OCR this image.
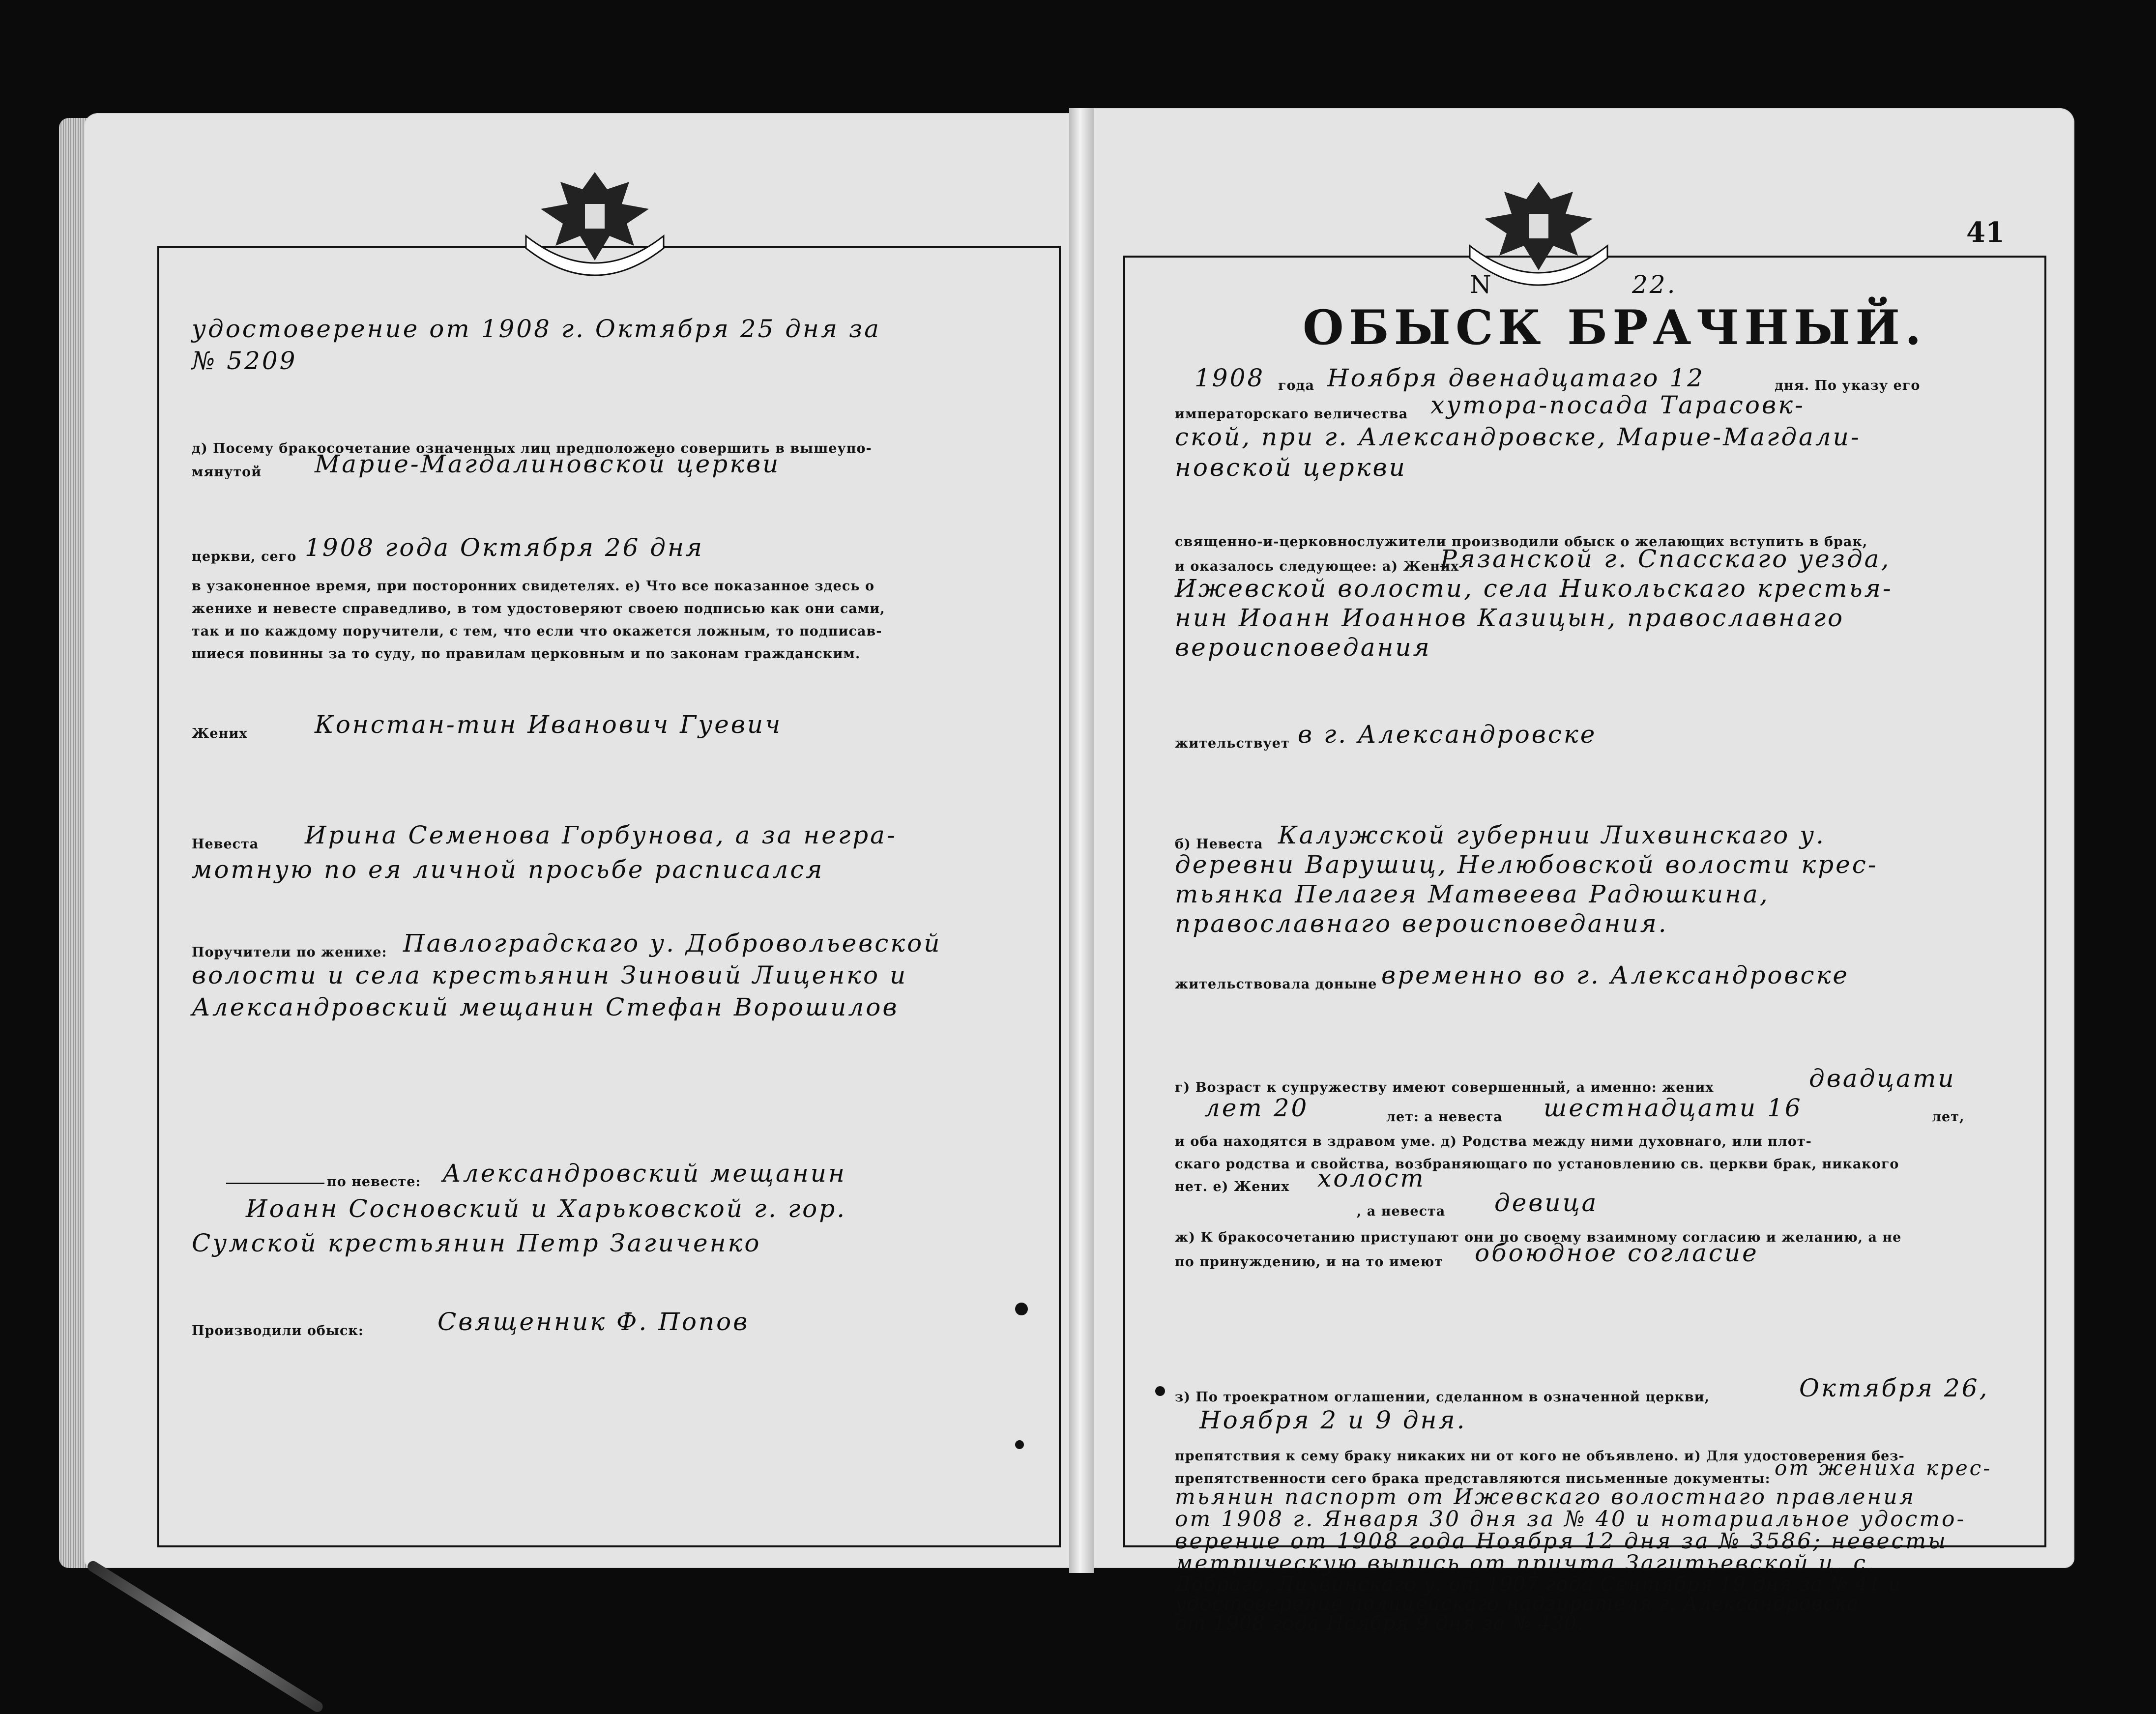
удостоверение от 1908 г. Октября 25 дня за
№ 5209
д) Посему бракосочетание означенных лиц предположено совершить в вышеупо-
мянутой Марие-Магдалиновской церкви
церкви, сего 1908 года Октября 26 дня
в узаконенное время, при посторонних свидетелях. е) Что все показанное здесь о
женихе и невесте справедливо, в том удостоверяют своею подписью как они сами,
так и по каждому поручители, с тем, что если что окажется ложным, то подписав-
шиеся повинны за то суду, по правилам церковным и по законам гражданским.
Жених	Констан-тин Иванович Гуевич
Невеста Ирина Семенова Горбунова, а за негра-
мотную по ея личной просьбе расписался
Поручители по женихе: Павлоградскаго у. Добровольевской
волости и села крестьянин Зиновий Лиценко и
Александровский мещанин Стефан Ворошилов
по невесте: Александровский мещанин
Иоанн Сосновский и Харьковской г. гор.
Сумской крестьянин Петр Загиченко
Производили обыск:	Священник Ф. Попов
41
N	22.
ОБЫСК БРАЧНЫЙ.
1908 года Ноября двенадцатаго 12	дня. По указу его
императорскаго величества хутора-посада Тарасовк-
ской, при г. Александровске, Марие-Магдали-
новской церкви
священно-и-церковнослужители производили обыск о желающих вступить в брак,
и оказалось следующее: а) Жених
Рязанской г. Спасскаго уезда,
Ижевской волости, села Никольскаго крестья-
нин Иоанн Иоаннов Казицын, православнаго
вероисповедания
жительствует в г. Александровске
б) Невеста Калужской губернии Лихвинскаго у.
деревни Варушиц, Нелюбовской волости крес-
тьянка Пелагея Матвеева Радюшкина,
православнаго вероисповедания.
жительствовала доныне временно во г. Александровске
г) Возраст к супружеству имеют совершенный, а именно: жених	двадцати
лет 20	лет: а невеста шестнадцати 16	лет,
и оба находятся в здравом уме. д) Родства между ними духовнаго, или плот-
скаго родства и свойства, возбраняющаго по установлению св. церкви брак, никакого
нет. е) Жених холост
, а невеста девица
ж) К бракосочетанию приступают они по своему взаимному согласию и желанию, а не
по принуждению, и на то имеют обоюдное согласие
з) По троекратном оглашении, сделанном в означенной церкви,	Октября 26,
Ноября 2 и 9 дня.
препятствия к сему браку никаких ни от кого не объявлено. и) Для удостоверения без-
препятственности сего брака представляются письменные документы: от жениха крес-
тьянин паспорт от Ижевскаго волостнаго правления
от 1908 г. Января 30 дня за № 40 и нотариальное удосто-
верение от 1908 года Ноября 12 дня за № 3586; невесты
метрическую выпись от причта Загитьевской ц. с.
Добраго, Лихвинскаго у. от 1907 года Сентября 19 дня за № 41 и
удостоверение полицейскаго надзирателя г. Александровска
от 1908 года Ноября 9 дня за № 430.
